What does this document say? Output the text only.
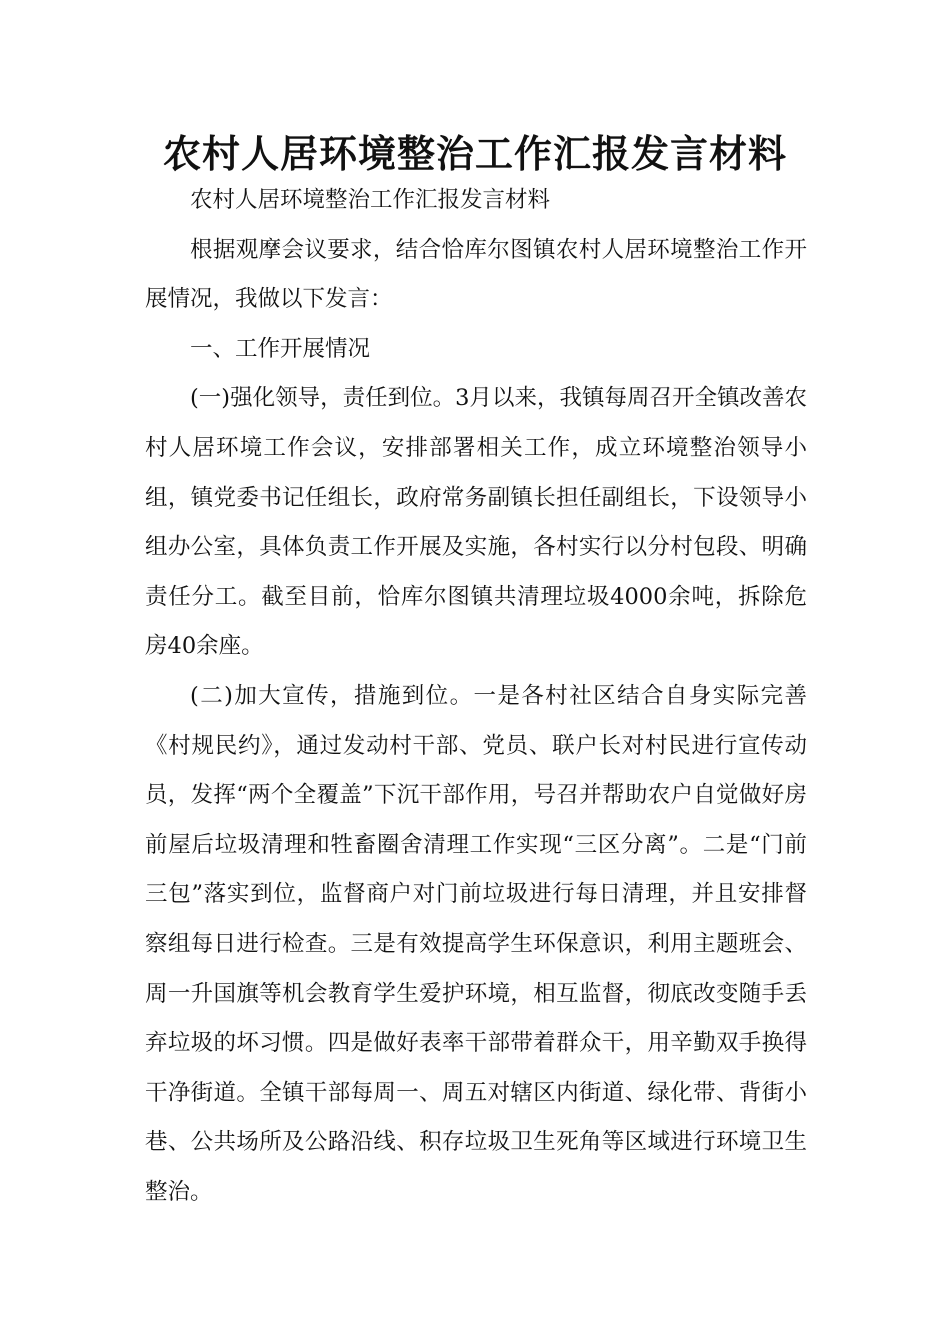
农村人居环境整治工作汇报发言材料

农村人居环境整治工作汇报发言材料

根据观摩会议要求，结合恰库尔图镇农村人居环境整治工作开展情况，我做以下发言：

一、工作开展情况

(一)强化领导，责任到位。3月以来，我镇每周召开全镇改善农村人居环境工作会议，安排部署相关工作，成立环境整治领导小组，镇党委书记任组长，政府常务副镇长担任副组长，下设领导小组办公室，具体负责工作开展及实施，各村实行以分村包段、明确责任分工。截至目前，恰库尔图镇共清理垃圾4000余吨，拆除危房40余座。

(二)加大宣传，措施到位。一是各村社区结合自身实际完善《村规民约》，通过发动村干部、党员、联户长对村民进行宣传动员，发挥“两个全覆盖”下沉干部作用，号召并帮助农户自觉做好房前屋后垃圾清理和牲畜圈舍清理工作实现“三区分离”。二是“门前三包”落实到位，监督商户对门前垃圾进行每日清理，并且安排督察组每日进行检查。三是有效提高学生环保意识，利用主题班会、周一升国旗等机会教育学生爱护环境，相互监督，彻底改变随手丢弃垃圾的坏习惯。四是做好表率干部带着群众干，用辛勤双手换得干净街道。全镇干部每周一、周五对辖区内街道、绿化带、背街小巷、公共场所及公路沿线、积存垃圾卫生死角等区域进行环境卫生整治。
